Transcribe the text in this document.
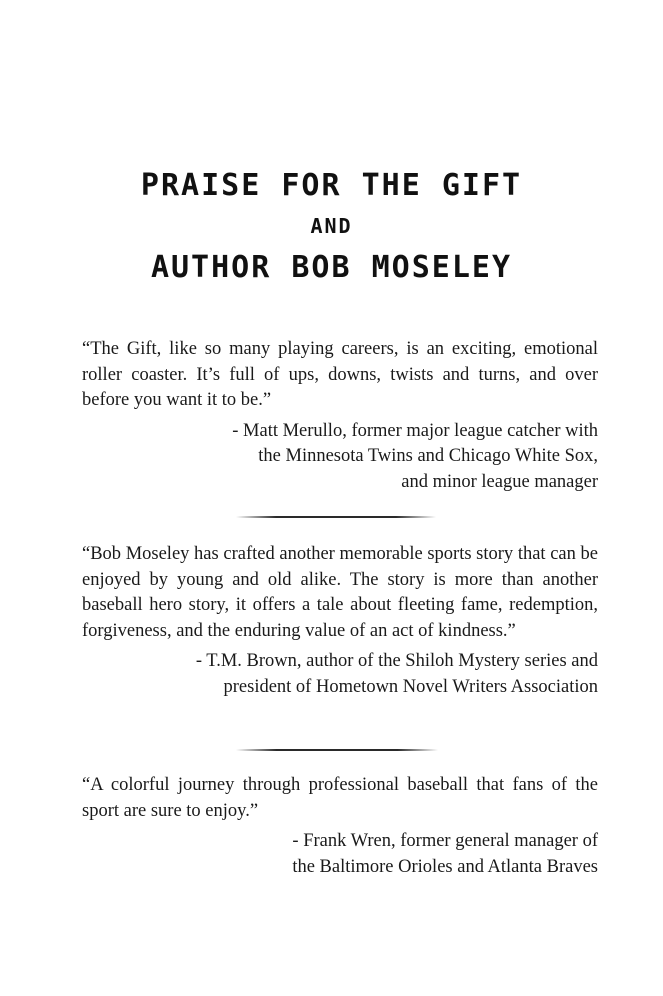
PRAISE FOR THE GIFT
AND
AUTHOR BOB MOSELEY

“The Gift, like so many playing careers, is an exciting, emotional roller coaster. It’s full of ups, downs, twists and turns, and over before you want it to be.”

- Matt Merullo, former major league catcher with
the Minnesota Twins and Chicago White Sox,
and minor league manager

“Bob Moseley has crafted another memorable sports story that can be enjoyed by young and old alike. The story is more than another baseball hero story, it offers a tale about fleeting fame, redemption, forgiveness, and the enduring value of an act of kindness.”

- T.M. Brown, author of the Shiloh Mystery series and
president of Hometown Novel Writers Association

“A colorful journey through professional baseball that fans of the sport are sure to enjoy.”

- Frank Wren, former general manager of
the Baltimore Orioles and Atlanta Braves
